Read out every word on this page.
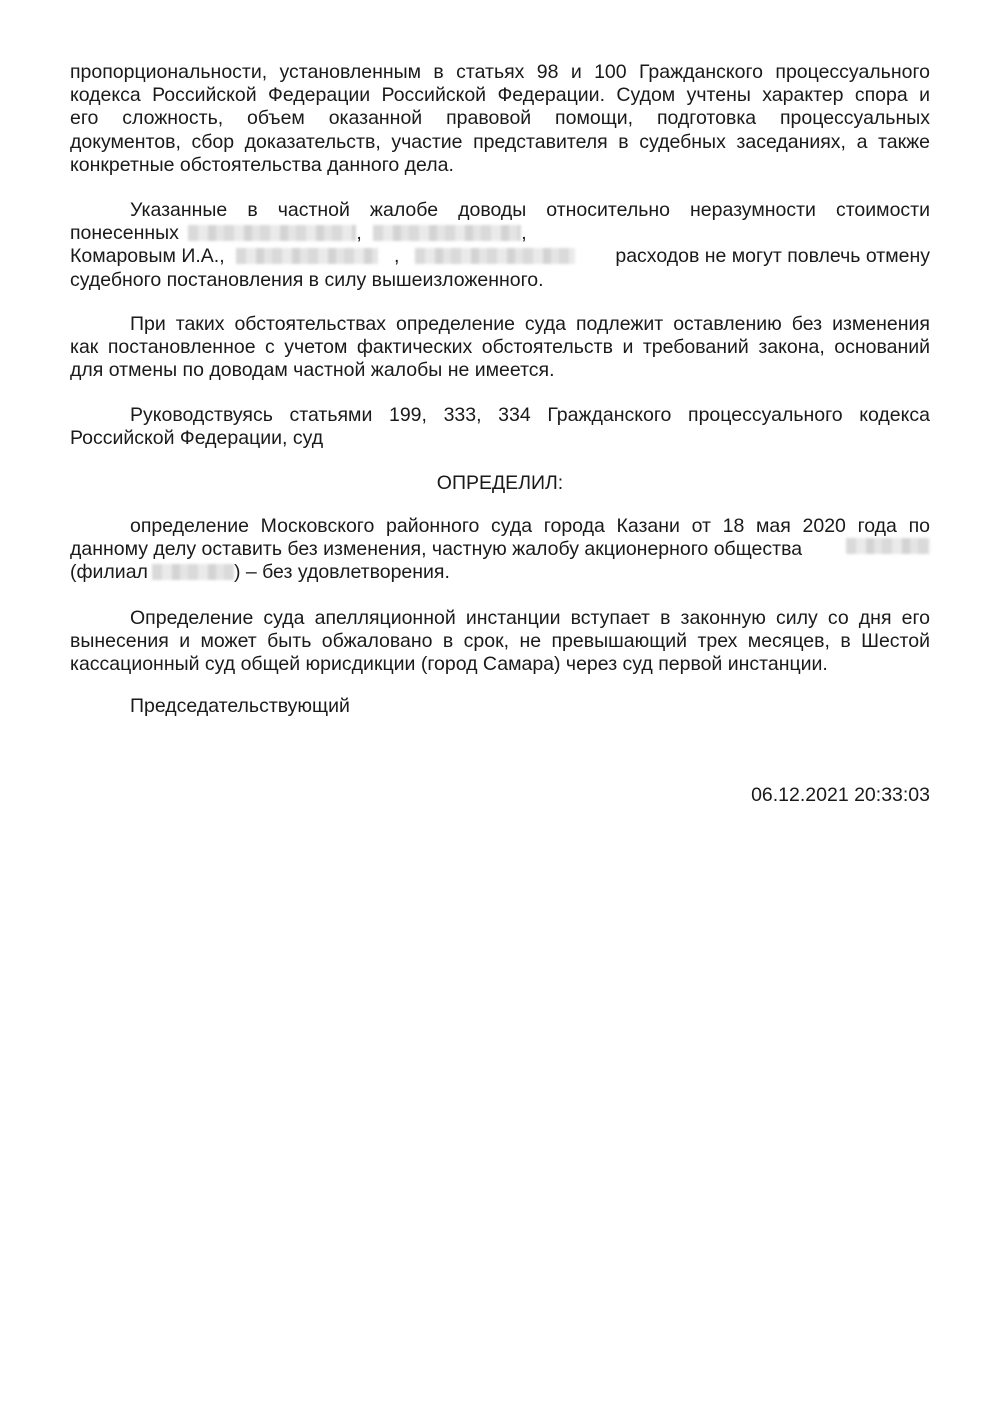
пропорциональности, установленным в статьях 98 и 100 Гражданского процессуального
кодекса Российской Федерации Российской Федерации. Судом учтены характер спора и
его сложность, объем оказанной правовой помощи, подготовка процессуальных
документов, сбор доказательств, участие представителя в судебных заседаниях, а также
конкретные обстоятельства данного дела.
Указанные в частной жалобе доводы относительно неразумности стоимости
понесенных	,	,
Комаровым И.А.,	,	расходов не могут повлечь отмену
судебного постановления в силу вышеизложенного.
При таких обстоятельствах определение суда подлежит оставлению без изменения
как постановленное с учетом фактических обстоятельств и требований закона, оснований
для отмены по доводам частной жалобы не имеется.
Руководствуясь статьями 199, 333, 334 Гражданского процессуального кодекса
Российской Федерации, суд
ОПРЕДЕЛИЛ:
определение Московского районного суда города Казани от 18 мая 2020 года по
данному делу оставить без изменения, частную жалобу акционерного общества
(филиал	) – без удовлетворения.
Определение суда апелляционной инстанции вступает в законную силу со дня его
вынесения и может быть обжаловано в срок, не превышающий трех месяцев, в Шестой
кассационный суд общей юрисдикции (город Самара) через суд первой инстанции.
Председательствующий
06.12.2021 20:33:03
